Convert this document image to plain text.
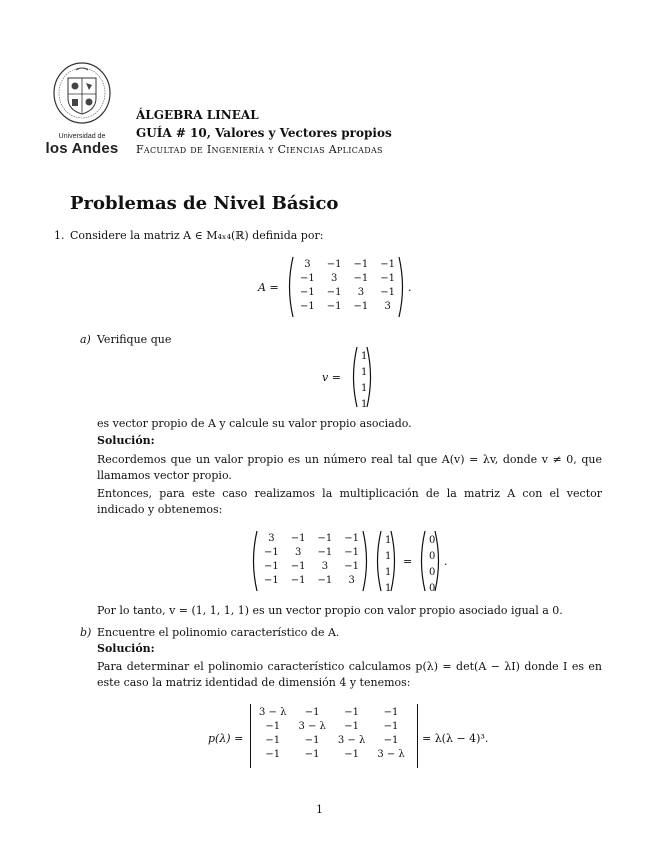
Universidad de
los Andes
ÁLGEBRA LINEAL
GUÍA # 10, Valores y Vectores propios
Facultad de Ingeniería y Ciencias Aplicadas
Problemas de Nivel Básico
1. Considere la matriz A ∈ M₄ₓ₄(ℝ) definida por:
A =
3	−1	−1	−1
−1	3	−1	−1
−1	−1	3	−1
−1	−1	−1	3
.
a) Verifique que
v =
1
1
1
1
es vector propio de A y calcule su valor propio asociado.
Solución:
Recordemos que un valor propio es un número real tal que A(v) = λv, donde v ≠ 0, que llamamos vector propio.
Entonces, para este caso realizamos la multiplicación de la matriz A con el vector indicado y obtenemos:
3	−1	−1	−1
−1	3	−1	−1
−1	−1	3	−1
−1	−1	−1	3
1
1
1
1
=
0
0
0
0
.
Por lo tanto, v = (1, 1, 1, 1) es un vector propio con valor propio asociado igual a 0.
b) Encuentre el polinomio característico de A.
Solución:
Para determinar el polinomio característico calculamos p(λ) = det(A − λI) donde I es en este caso la matriz identidad de dimensión 4 y tenemos:
p(λ) =
3 − λ	−1	−1	−1
−1	3 − λ	−1	−1
−1	−1	3 − λ	−1
−1	−1	−1	3 − λ
= λ(λ − 4)³.
1
